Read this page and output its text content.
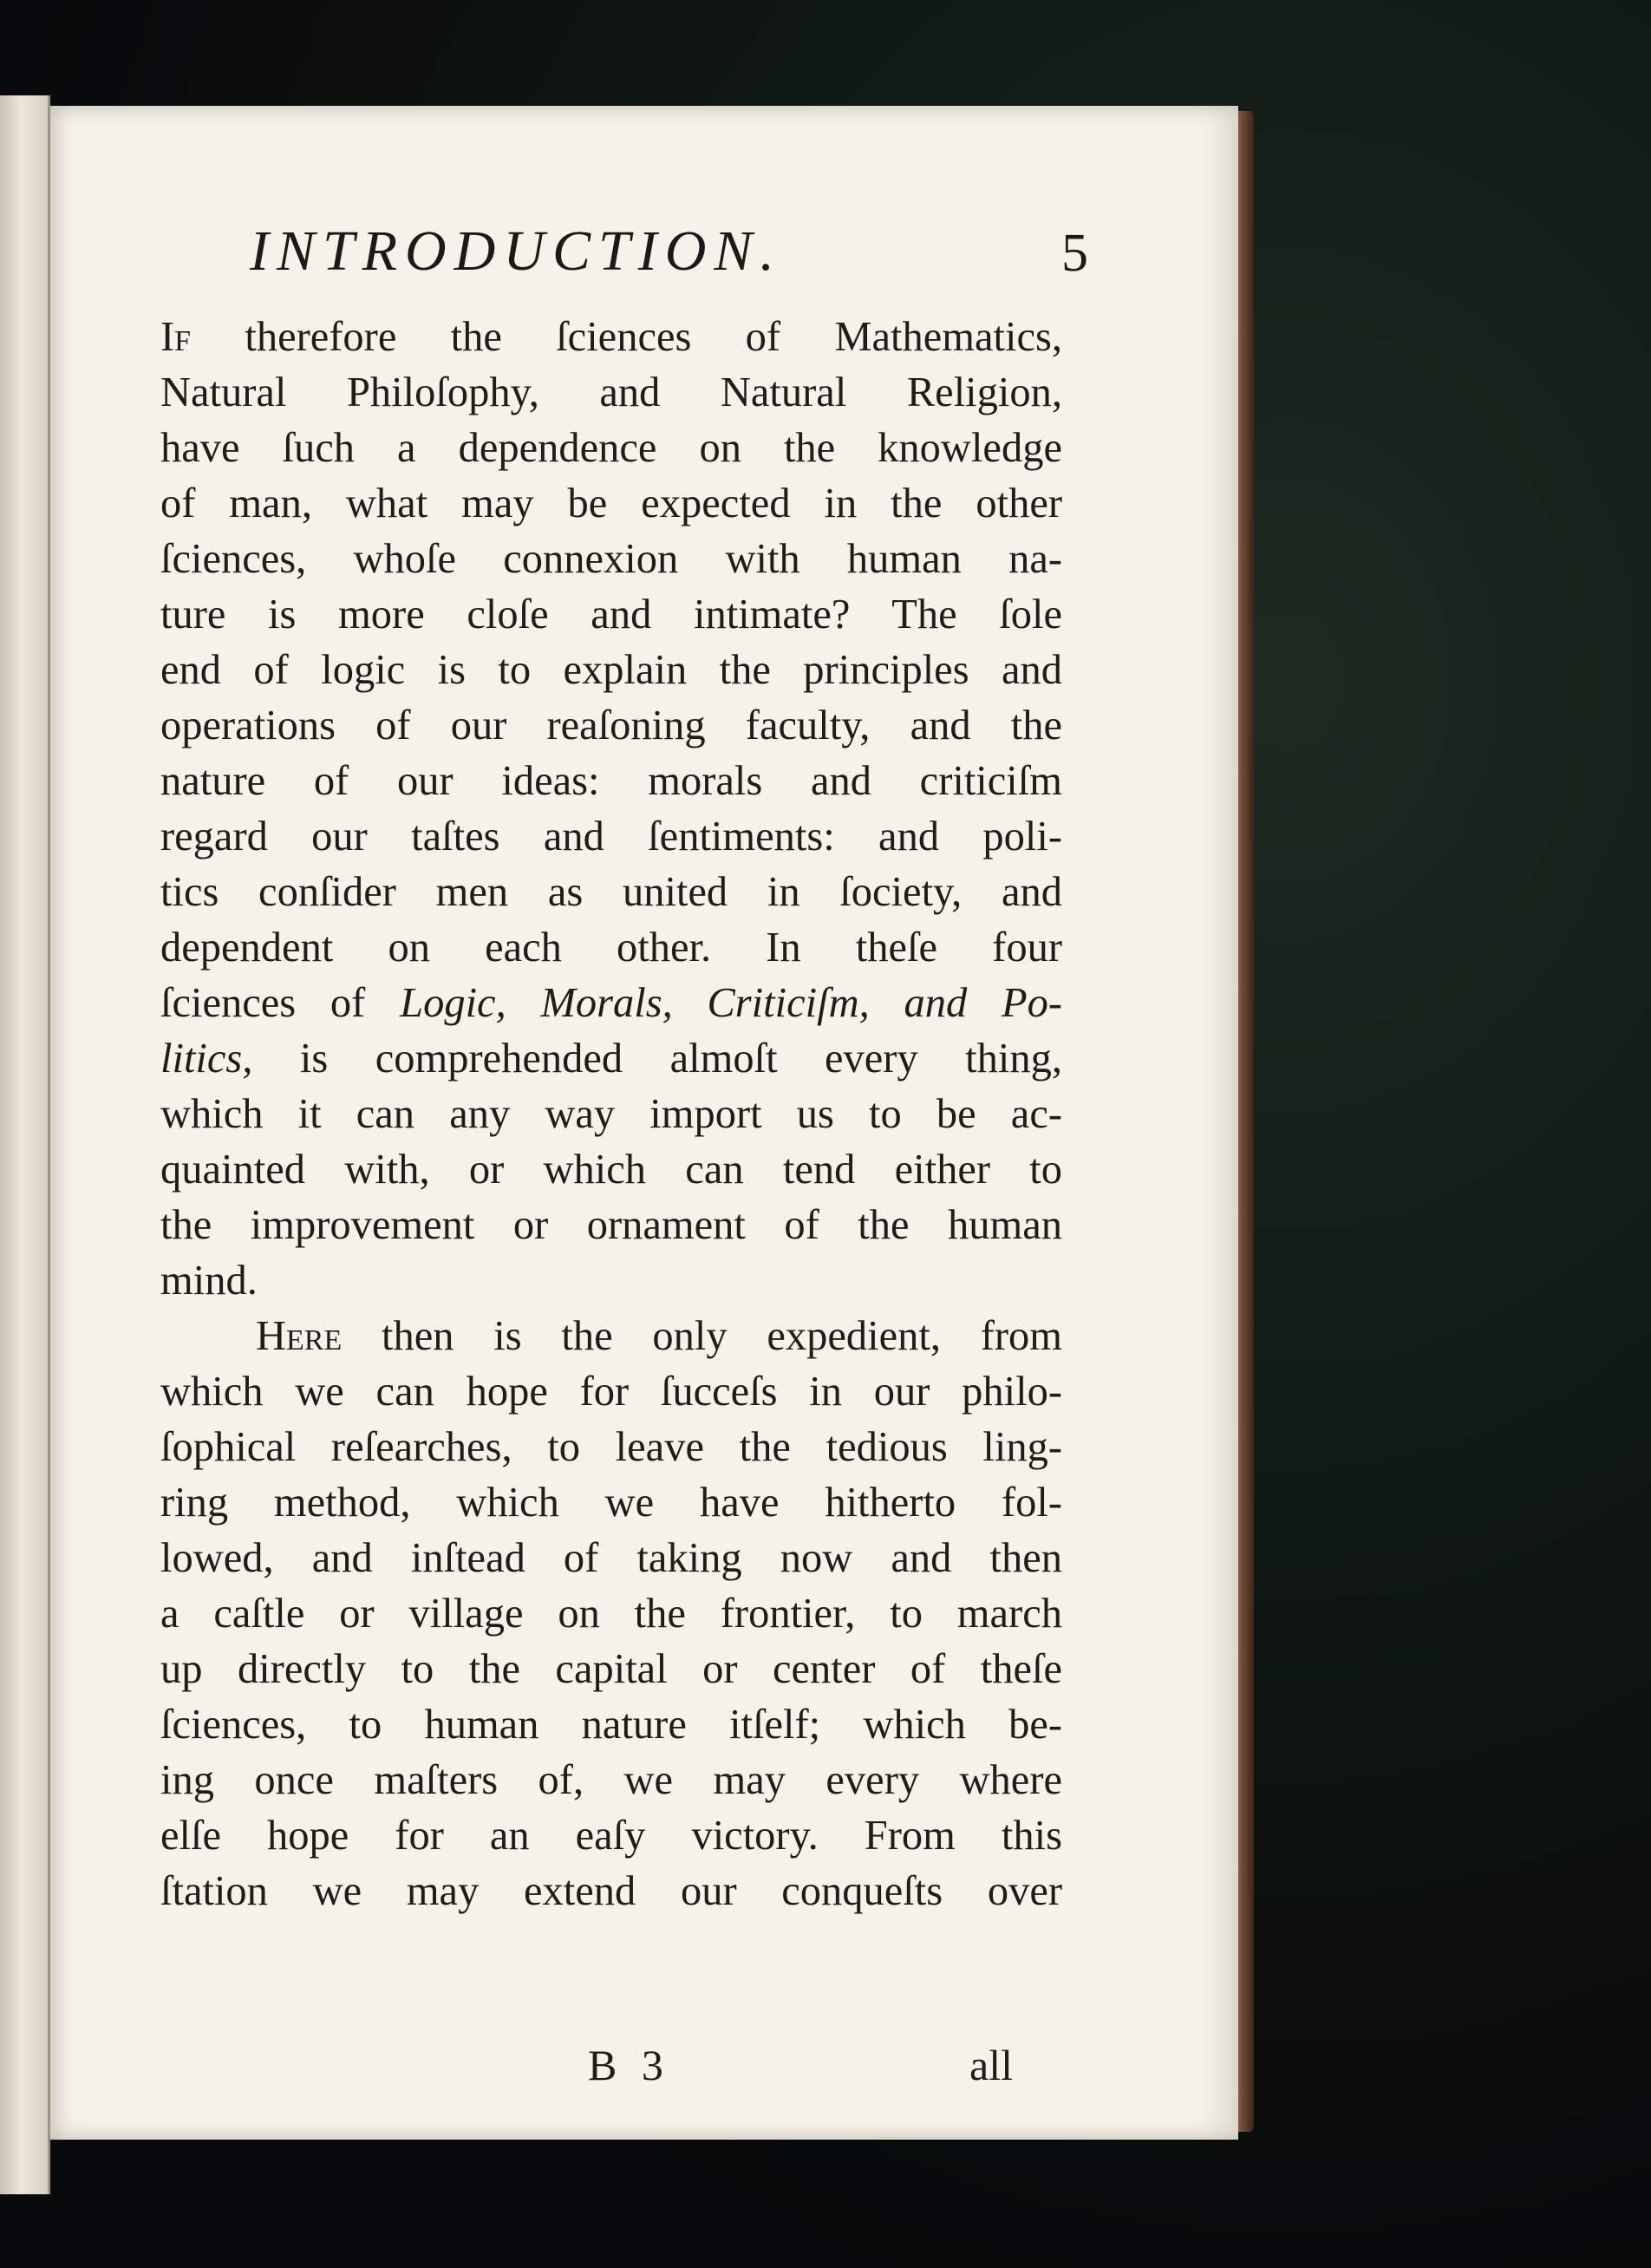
INTRODUCTION.	5
If therefore the ſciences of Mathematics,
Natural Philoſophy, and Natural Religion,
have ſuch a dependence on the knowledge
of man, what may be expected in the other
ſciences, whoſe connexion with human na-
ture is more cloſe and intimate? The ſole
end of logic is to explain the principles and
operations of our reaſoning faculty, and the
nature of our ideas: morals and criticiſm
regard our taſtes and ſentiments: and poli-
tics conſider men as united in ſociety, and
dependent on each other. In theſe four
ſciences of Logic, Morals, Criticiſm, and Po-
litics, is comprehended almoſt every thing,
which it can any way import us to be ac-
quainted with, or which can tend either to
the improvement or ornament of the human
mind.
Here then is the only expedient, from
which we can hope for ſucceſs in our philo-
ſophical reſearches, to leave the tedious ling-
ring method, which we have hitherto fol-
lowed, and inſtead of taking now and then
a caſtle or village on the frontier, to march
up directly to the capital or center of theſe
ſciences, to human nature itſelf; which be-
ing once maſters of, we may every where
elſe hope for an eaſy victory. From this
ſtation we may extend our conqueſts over
B 3	all
